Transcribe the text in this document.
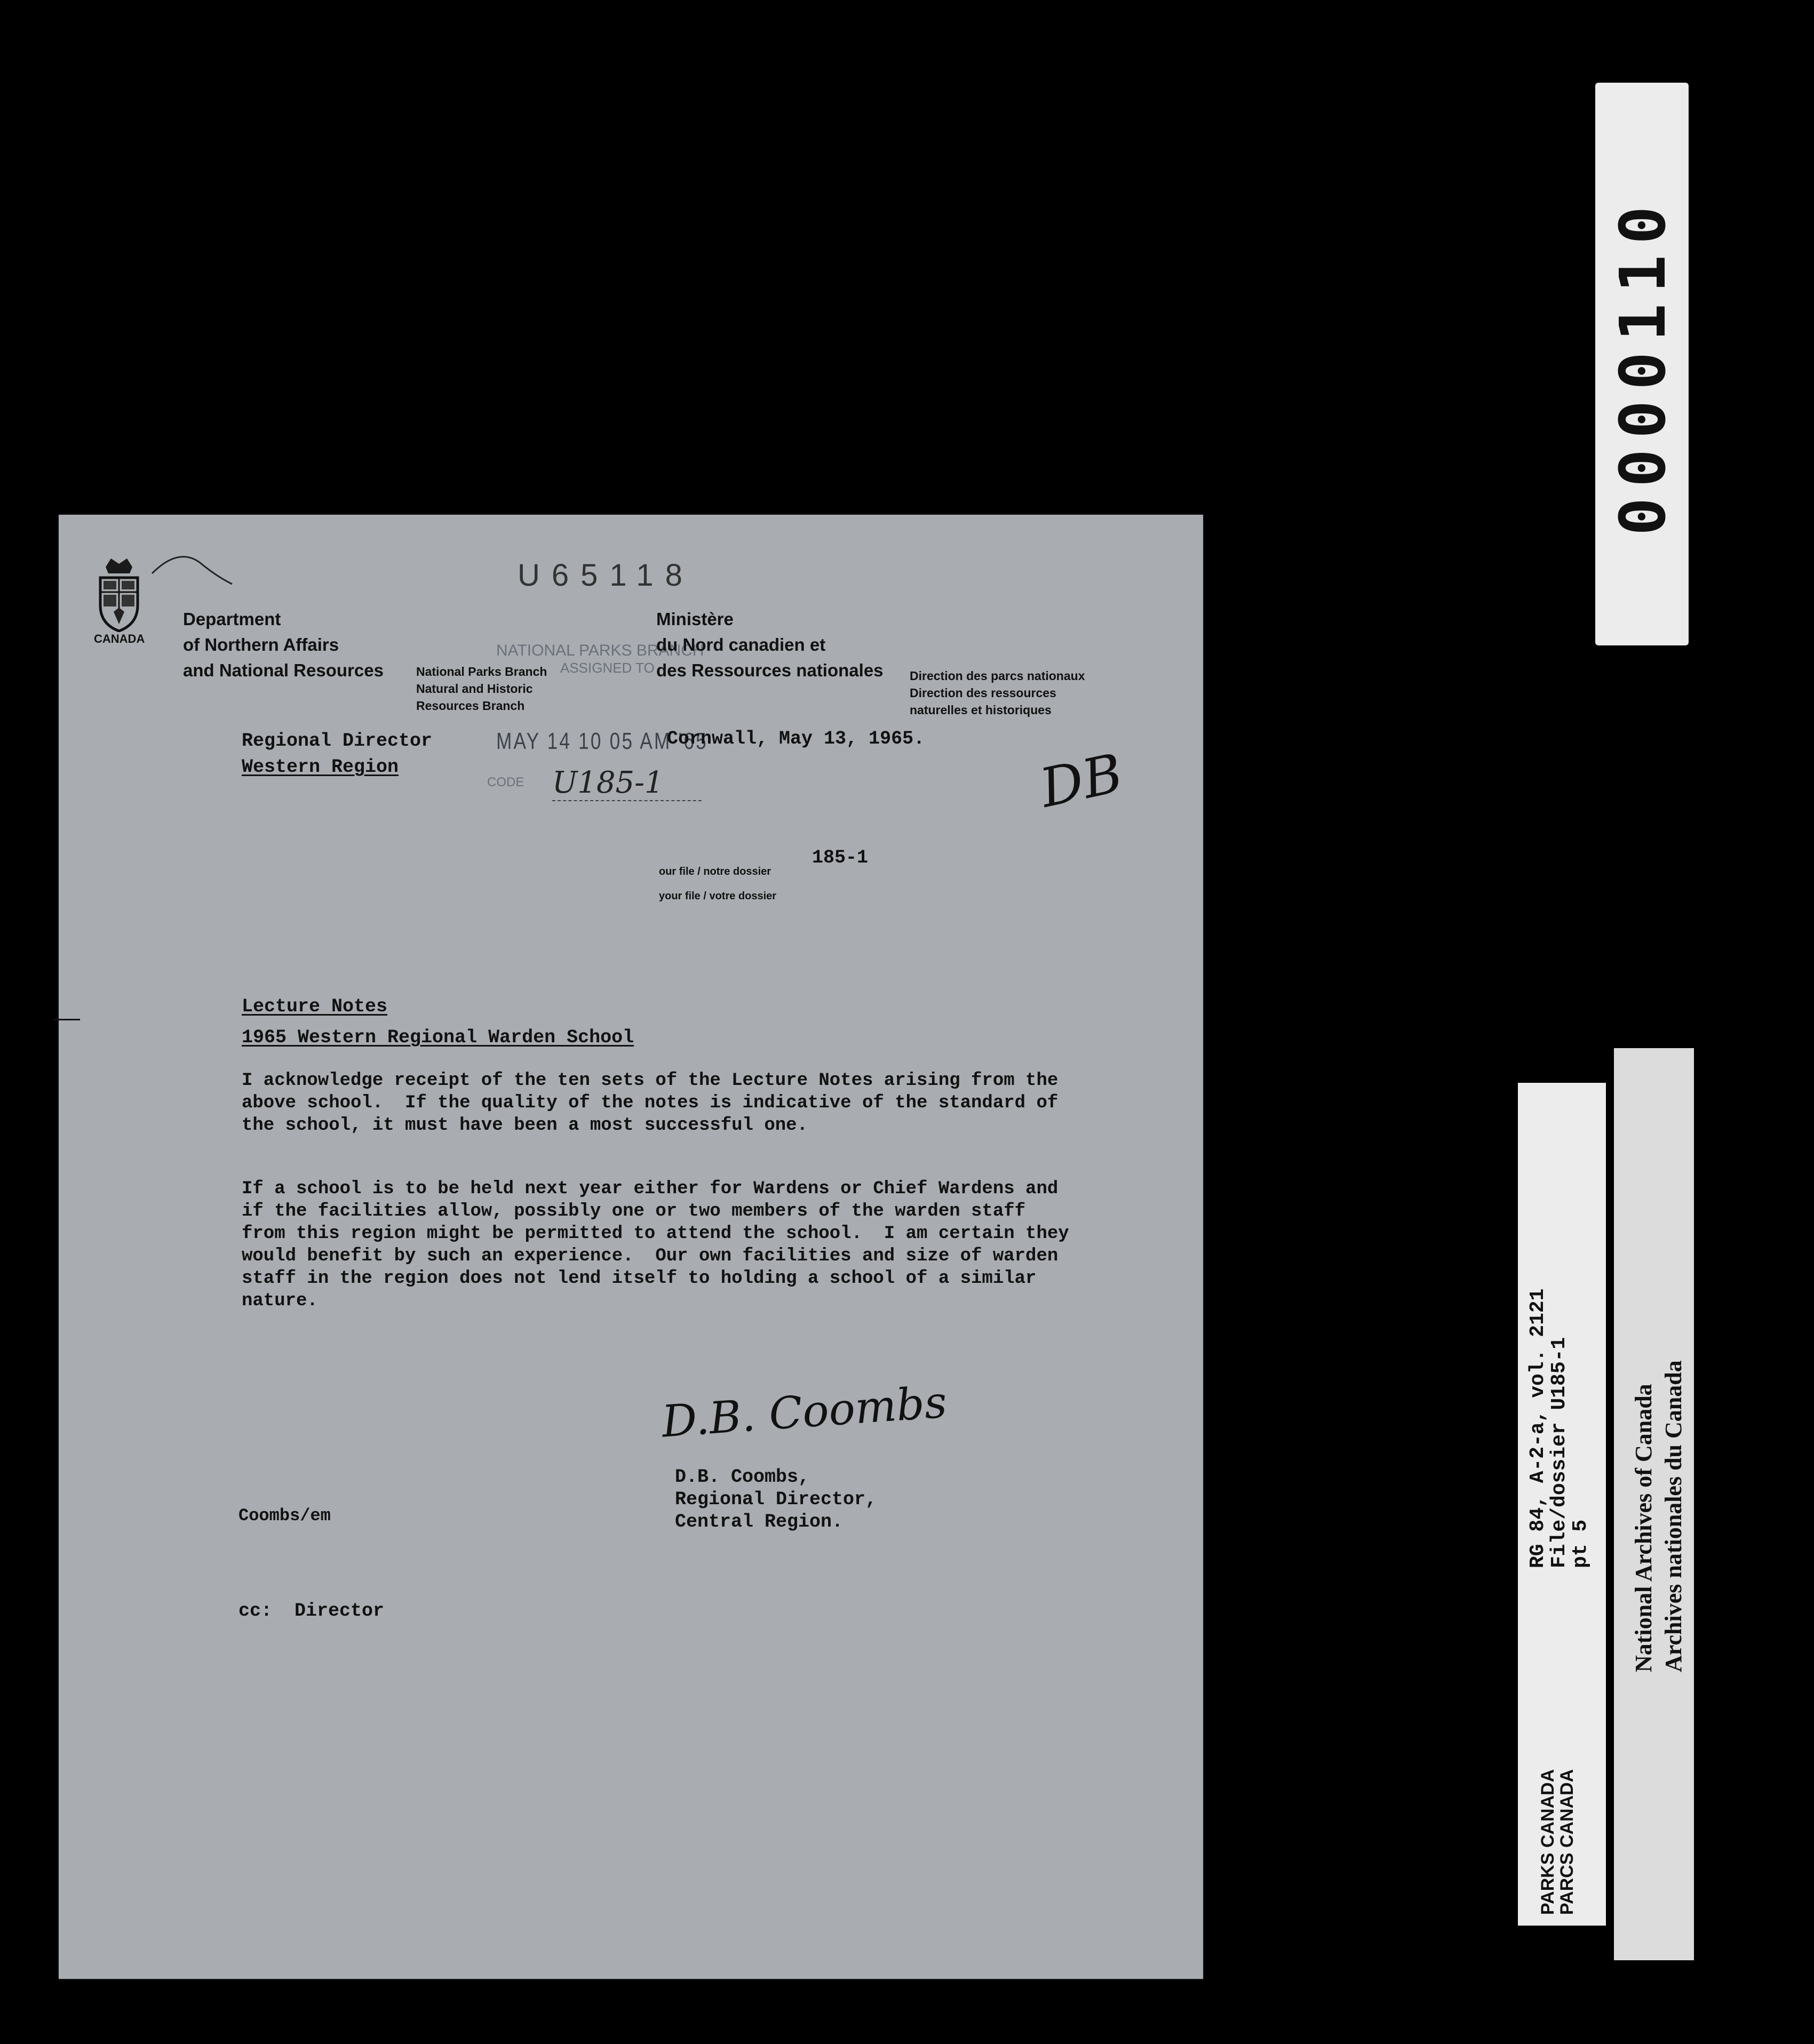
CANADA
U65118
Department
of Northern Affairs
and National Resources	National Parks Branch
Natural and Historic
Resources Branch
NATIONAL PARKS BRANCH
ASSIGNED TO
MAY 14 10 05 AM '65
CODE U185-1
Ministère
du Nord canadien et
des Ressources nationales Direction des parcs nationaux
Direction des ressources
naturelles et historiques
Regional Director
Western Region
Cornwall, May 13, 1965.
DB
185-1
our file / notre dossier
your file / votre dossier
Lecture Notes
1965 Western Regional Warden School
I acknowledge receipt of the ten sets of the Lecture Notes arising from the
above school.  If the quality of the notes is indicative of the standard of
the school, it must have been a most successful one.
If a school is to be held next year either for Wardens or Chief Wardens and
if the facilities allow, possibly one or two members of the warden staff
from this region might be permitted to attend the school.  I am certain they
would benefit by such an experience.  Our own facilities and size of warden
staff in the region does not lend itself to holding a school of a similar
nature.
D.B. Coombs
D.B. Coombs,
Regional Director,
Central Region.
Coombs/em
cc:  Director
0000110
RG 84, A-2-a, vol. 2121
File/dossier U185-1
pt 5
PARKS CANADA
PARCS CANADA
National Archives of Canada Archives nationales du Canada
